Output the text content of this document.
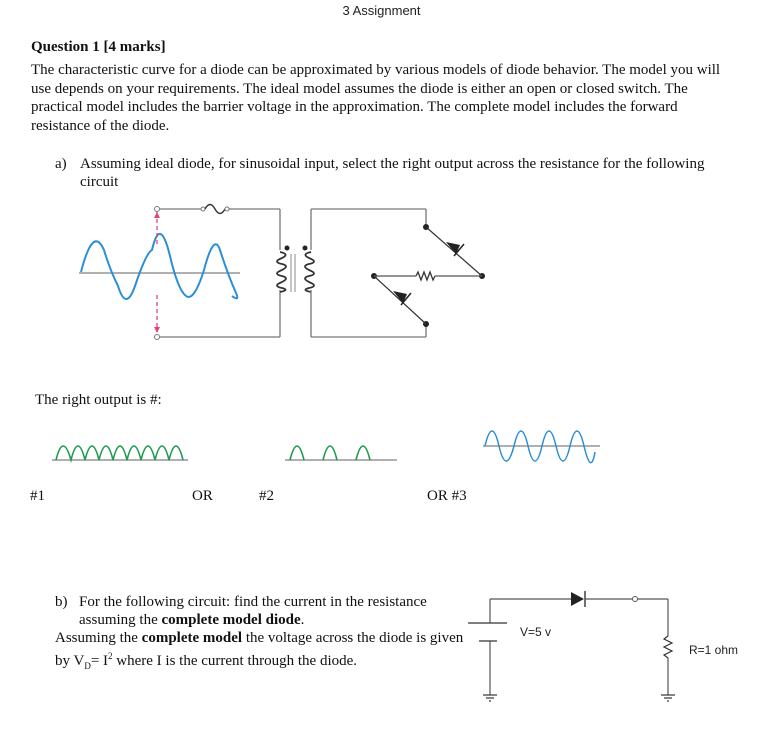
3 Assignment
Question 1 [4 marks]
The characteristic curve for a diode can be approximated by various models of diode behavior. The model you will use depends on your requirements. The ideal model assumes the diode is either an open or closed switch. The practical model includes the barrier voltage in the approximation. The complete model includes the forward resistance of the diode.
a) Assuming ideal diode, for sinusoidal input, select the right output across the resistance for the following circuit
The right output is #:
#1	OR	#2	OR #3
b) For the following circuit: find the current in the resistance assuming the complete model diode.
Assuming the complete model the voltage across the diode is given by $V_D= I^2$ where I is the current through the diode.
V=5 v
R=1 ohm
